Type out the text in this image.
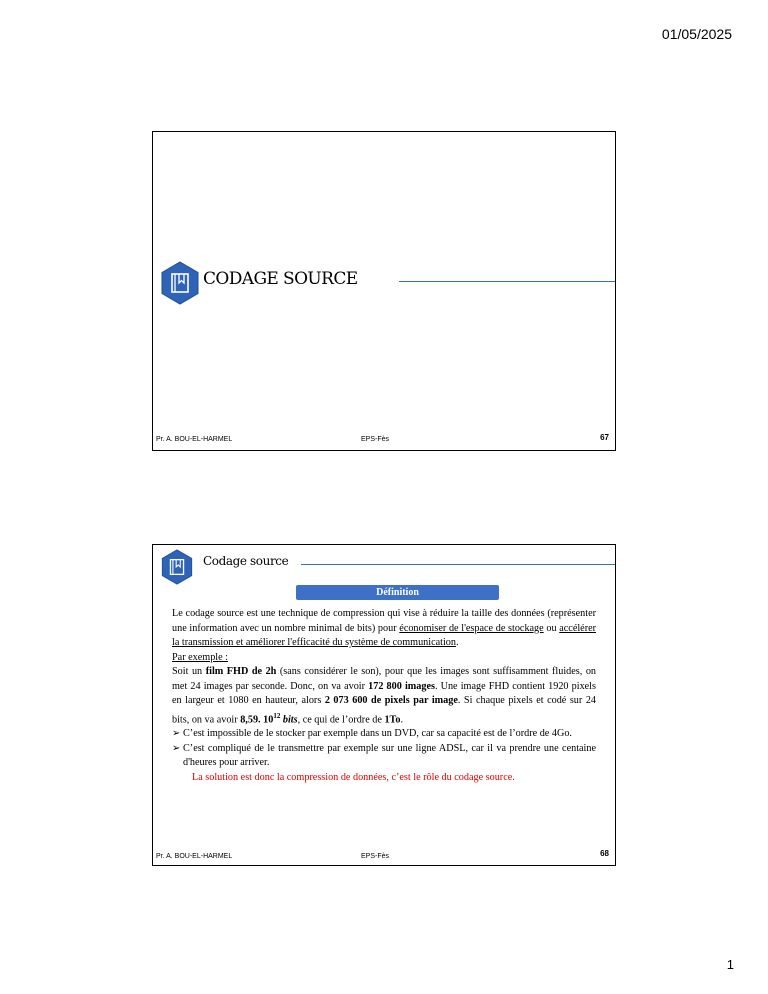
01/05/2025
CODAGE SOURCE
Pr. A. BOU-EL-HARMEL	EPS-Fès	67
Codage source
Définition

Le codage source est une technique de compression qui vise à réduire la taille des données (représenter une information avec un nombre minimal de bits) pour économiser de l'espace de stockage ou accélérer la transmission et améliorer l'efficacité du système de communication.

Par exemple :

Soit un film FHD de 2h (sans considérer le son), pour que les images sont suffisamment fluides, on met 24 images par seconde. Donc, on va avoir 172 800 images. Une image FHD contient 1920 pixels en largeur et 1080 en hauteur, alors 2 073 600 de pixels par image. Si chaque pixels et codé sur 24 bits, on va avoir 8,59. $10^{12}$ bits, ce qui de l’ordre de 1To.

➢ C’est impossible de le stocker par exemple dans un DVD, car sa capacité est de l’ordre de 4Go.
➢ C’est compliqué de le transmettre par exemple sur une ligne ADSL, car il va prendre une centaine d'heures pour arriver.

La solution est donc la compression de données, c’est le rôle du codage source.

Pr. A. BOU-EL-HARMEL	EPS-Fès	68
1
